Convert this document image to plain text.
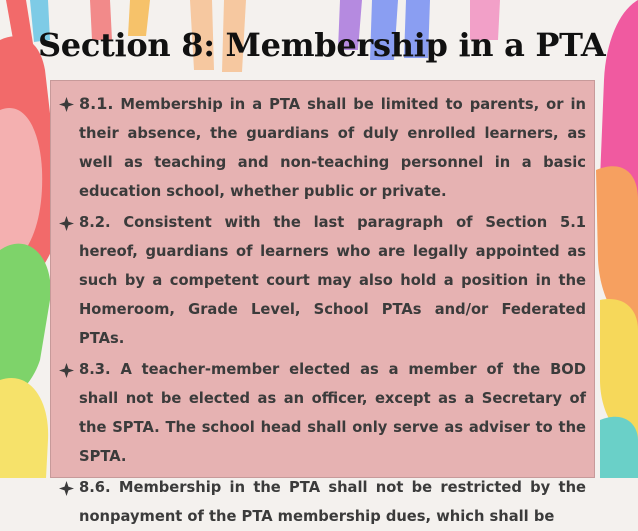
Section 8: Membership in a PTA
8.1. Membership in a PTA shall be limited to parents, or in their absence, the guardians of duly enrolled learners, as well as teaching and non-teaching personnel in a basic education school, whether public or private.
8.2. Consistent with the last paragraph of Section 5.1 hereof, guardians of learners who are legally appointed as such by a competent court may also hold a position in the Homeroom, Grade Level, School PTAs and/or Federated PTAs.
8.3. A teacher-member elected as a member of the BOD shall not be elected as an officer, except as a Secretary of the SPTA. The school head shall only serve as adviser to the SPTA.
8.6. Membership in the PTA shall not be restricted by the nonpayment of the PTA membership dues, which shall be
